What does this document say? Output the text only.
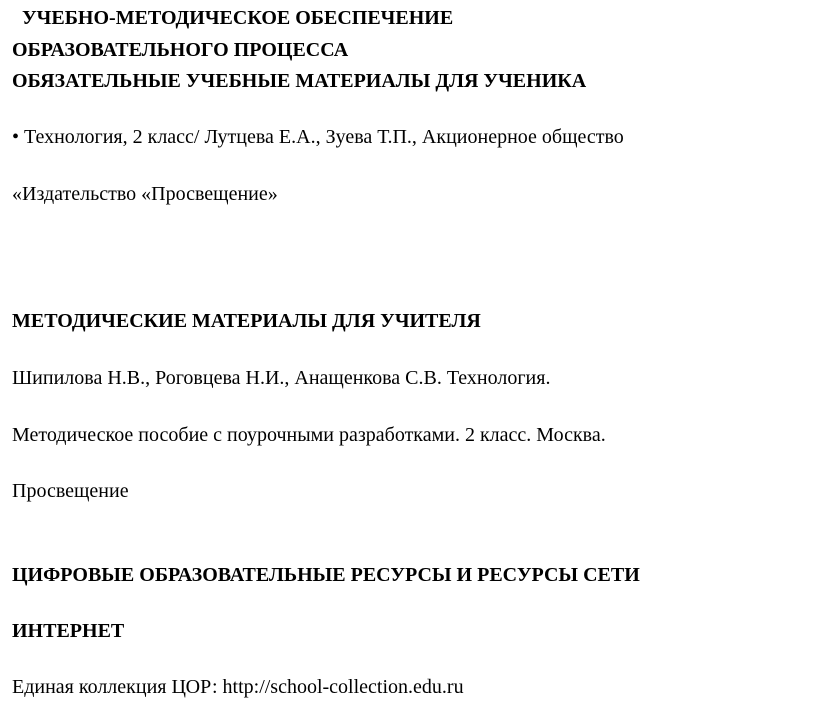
УЧЕБНО-МЕТОДИЧЕСКОЕ ОБЕСПЕЧЕНИЕ
ОБРАЗОВАТЕЛЬНОГО ПРОЦЕССА
ОБЯЗАТЕЛЬНЫЕ УЧЕБНЫЕ МАТЕРИАЛЫ ДЛЯ УЧЕНИКА
• Технология, 2 класс/ Лутцева Е.А., Зуева Т.П., Акционерное общество
«Издательство «Просвещение»
МЕТОДИЧЕСКИЕ МАТЕРИАЛЫ ДЛЯ УЧИТЕЛЯ
Шипилова Н.В., Роговцева Н.И., Анащенкова С.В. Технология.
Методическое пособие с поурочными разработками. 2 класс. Москва.
Просвещение
ЦИФРОВЫЕ ОБРАЗОВАТЕЛЬНЫЕ РЕСУРСЫ И РЕСУРСЫ СЕТИ
ИНТЕРНЕТ
Единая коллекция ЦОР: http://school-collection.edu.ru
